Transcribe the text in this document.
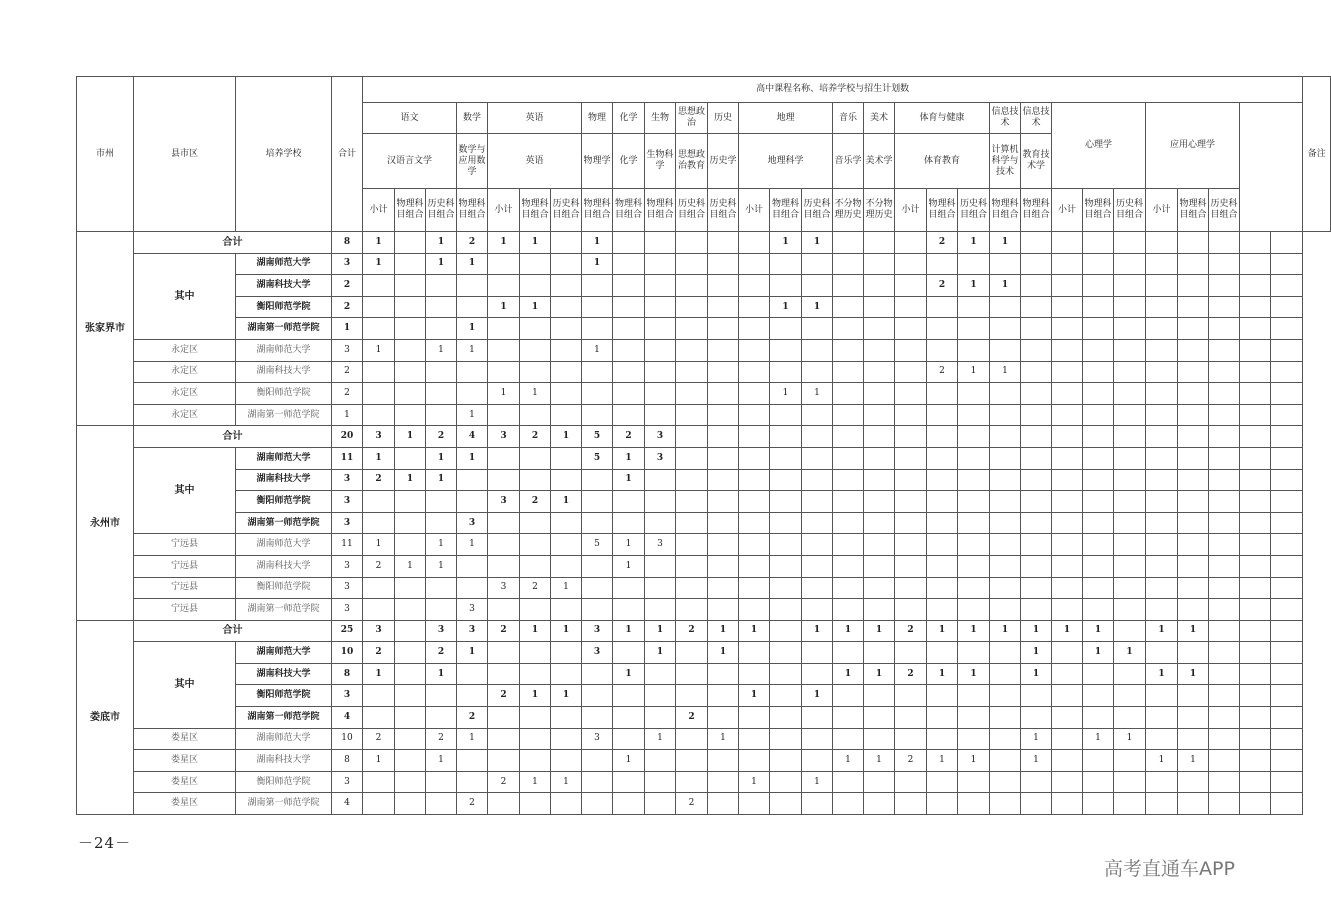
市州	县市区	培养学校	合计	高中课程名称、培养学校与招生计划数																														备注
				语文			数学	英语			物理	化学	生物	思想政治	历史	地理			音乐	美术	体育与健康			信息技术	信息技术	心理学			应用心理学					
				汉语言文学			数学与应用数学	英语			物理学	化学	生物科学	思想政治教育	历史学	地理科学			音乐学	美术学	体育教育			计算机科学与技术	教育技术学									
				小计	物理科目组合	历史科目组合	物理科目组合	小计	物理科目组合	历史科目组合	物理科目组合	物理科目组合	物理科目组合	历史科目组合	历史科目组合	小计	物理科目组合	历史科目组合	不分物理历史	不分物理历史	小计	物理科目组合	历史科目组合	物理科目组合	物理科目组合	小计	物理科目组合	历史科目组合	小计	物理科目组合	历史科目组合			
张家界市	合计		8	1		1	2	1	1		1						1	1				2	1	1										
	其中	湖南师范大学	3	1		1	1				1																							
		湖南科技大学	2																			2	1	1										
		衡阳师范学院	2					1	1								1	1																
		湖南第一师范学院	1				1																											
	永定区	湖南师范大学	3	1		1	1				1																							
	永定区	湖南科技大学	2																			2	1	1										
	永定区	衡阳师范学院	2					1	1								1	1																
	永定区	湖南第一师范学院	1				1																											
永州市	合计		20	3	1	2	4	3	2	1	5	2	3																					
	其中	湖南师范大学	11	1		1	1				5	1	3																					
		湖南科技大学	3	2	1	1						1																						
		衡阳师范学院	3					3	2	1																								
		湖南第一师范学院	3				3																											
	宁远县	湖南师范大学	11	1		1	1				5	1	3																					
	宁远县	湖南科技大学	3	2	1	1						1																						
	宁远县	衡阳师范学院	3					3	2	1																								
	宁远县	湖南第一师范学院	3				3																											
娄底市	合计		25	3		3	3	2	1	1	3	1	1	2	1	1		1	1	1	2	1	1	1	1	1	1		1	1				
	其中	湖南师范大学	10	2		2	1				3		1		1										1		1	1						
		湖南科技大学	8	1		1						1							1	1	2	1	1		1				1	1				
		衡阳师范学院	3					2	1	1						1		1																
		湖南第一师范学院	4				2							2																				
	娄星区	湖南师范大学	10	2		2	1				3		1		1										1		1	1						
	娄星区	湖南科技大学	8	1		1						1							1	1	2	1	1		1				1	1				
	娄星区	衡阳师范学院	3					2	1	1						1		1																
	娄星区	湖南第一师范学院	4				2							2																				
－24－
高考直通车APP
